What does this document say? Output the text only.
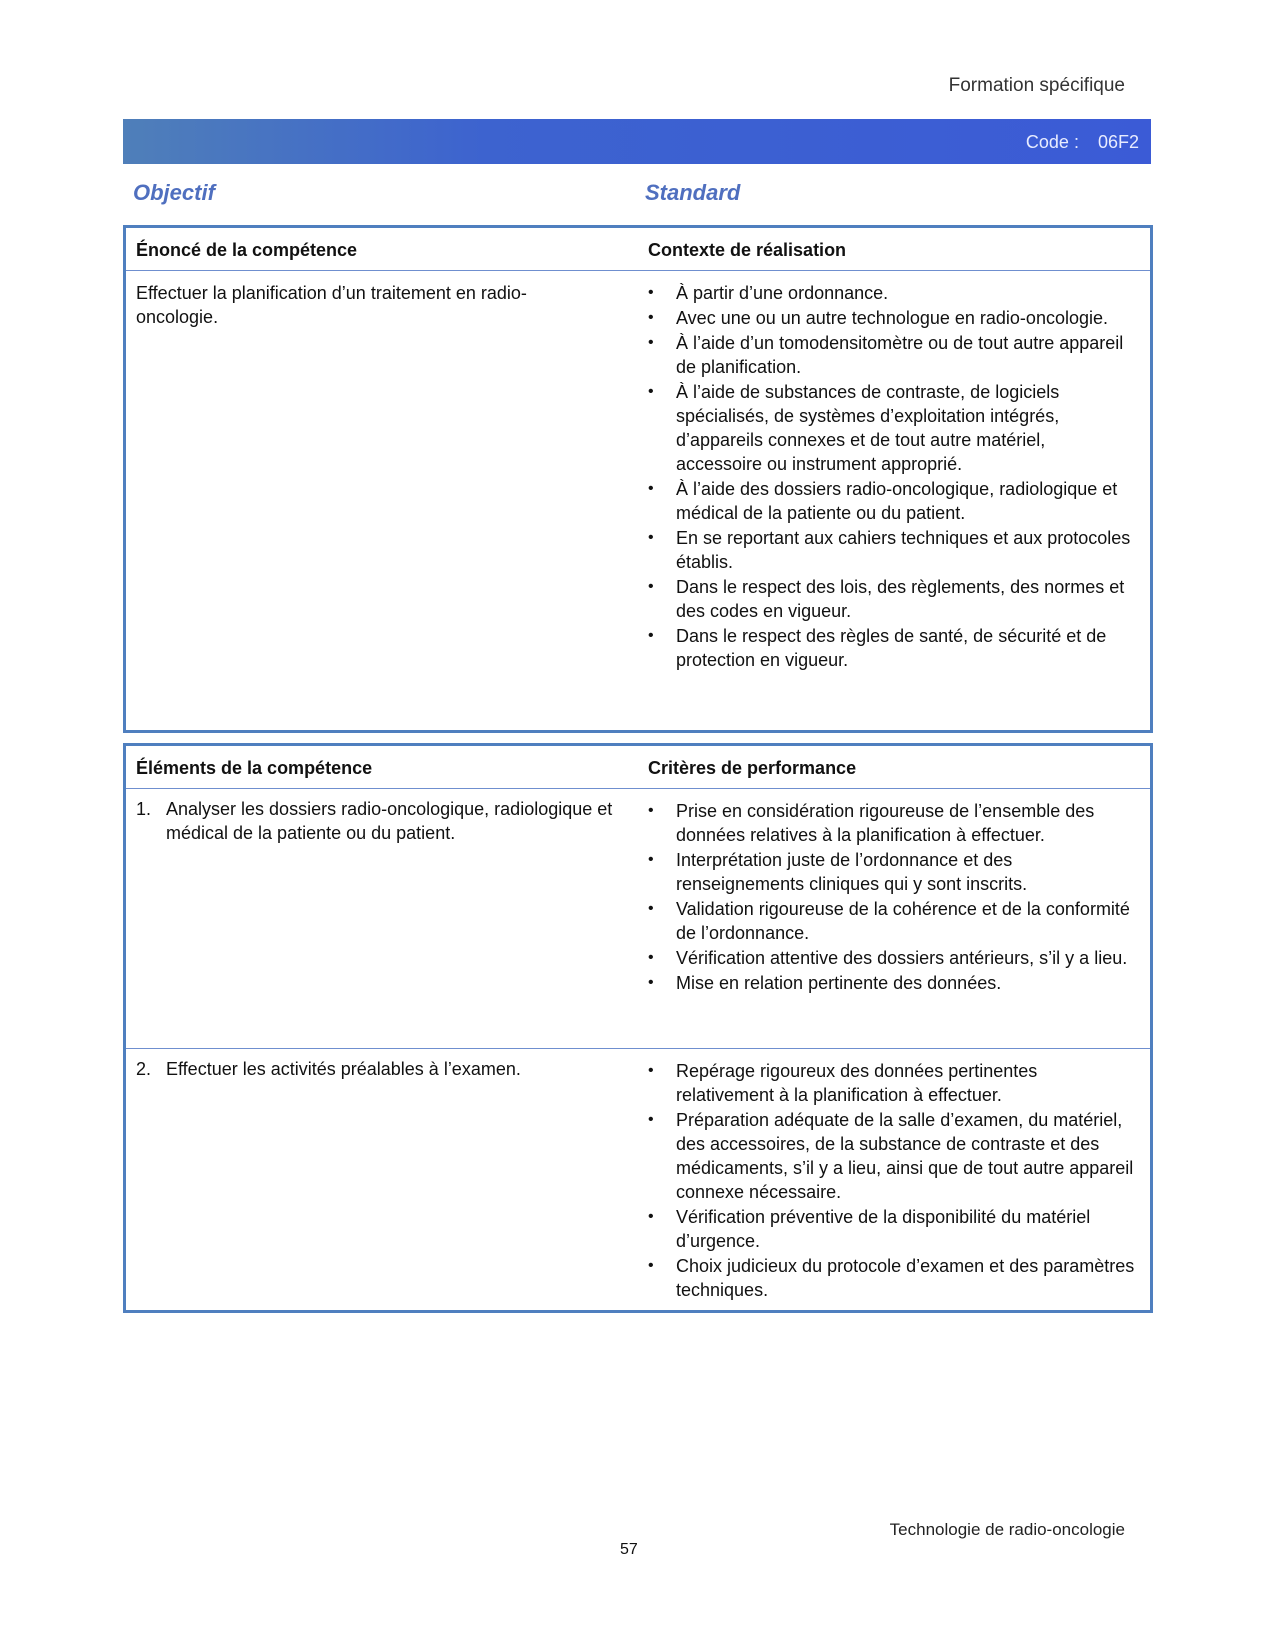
Formation spécifique
Code : 06F2
Objectif	Standard
Énoncé de la compétence	Contexte de réalisation
Effectuer la planification d’un traitement en radio-oncologie.
• À partir d’une ordonnance.
• Avec une ou un autre technologue en radio-oncologie.
• À l’aide d’un tomodensitomètre ou de tout autre appareil de planification.
• À l’aide de substances de contraste, de logiciels spécialisés, de systèmes d’exploitation intégrés, d’appareils connexes et de tout autre matériel, accessoire ou instrument approprié.
• À l’aide des dossiers radio-oncologique, radiologique et médical de la patiente ou du patient.
• En se reportant aux cahiers techniques et aux protocoles établis.
• Dans le respect des lois, des règlements, des normes et des codes en vigueur.
• Dans le respect des règles de santé, de sécurité et de protection en vigueur.
Éléments de la compétence	Critères de performance
1. Analyser les dossiers radio-oncologique, radiologique et médical de la patiente ou du patient.
• Prise en considération rigoureuse de l’ensemble des données relatives à la planification à effectuer.
• Interprétation juste de l’ordonnance et des renseignements cliniques qui y sont inscrits.
• Validation rigoureuse de la cohérence et de la conformité de l’ordonnance.
• Vérification attentive des dossiers antérieurs, s’il y a lieu.
• Mise en relation pertinente des données.
2. Effectuer les activités préalables à l’examen.
•	Repérage rigoureux des données pertinentes relativement à la planification à effectuer.
• Préparation adéquate de la salle d’examen, du matériel, des accessoires, de la substance de contraste et des médicaments, s’il y a lieu, ainsi que de tout autre appareil connexe nécessaire.
• Vérification préventive de la disponibilité du matériel d’urgence.
• Choix judicieux du protocole d’examen et des paramètres techniques.
Technologie de radio-oncologie
57
